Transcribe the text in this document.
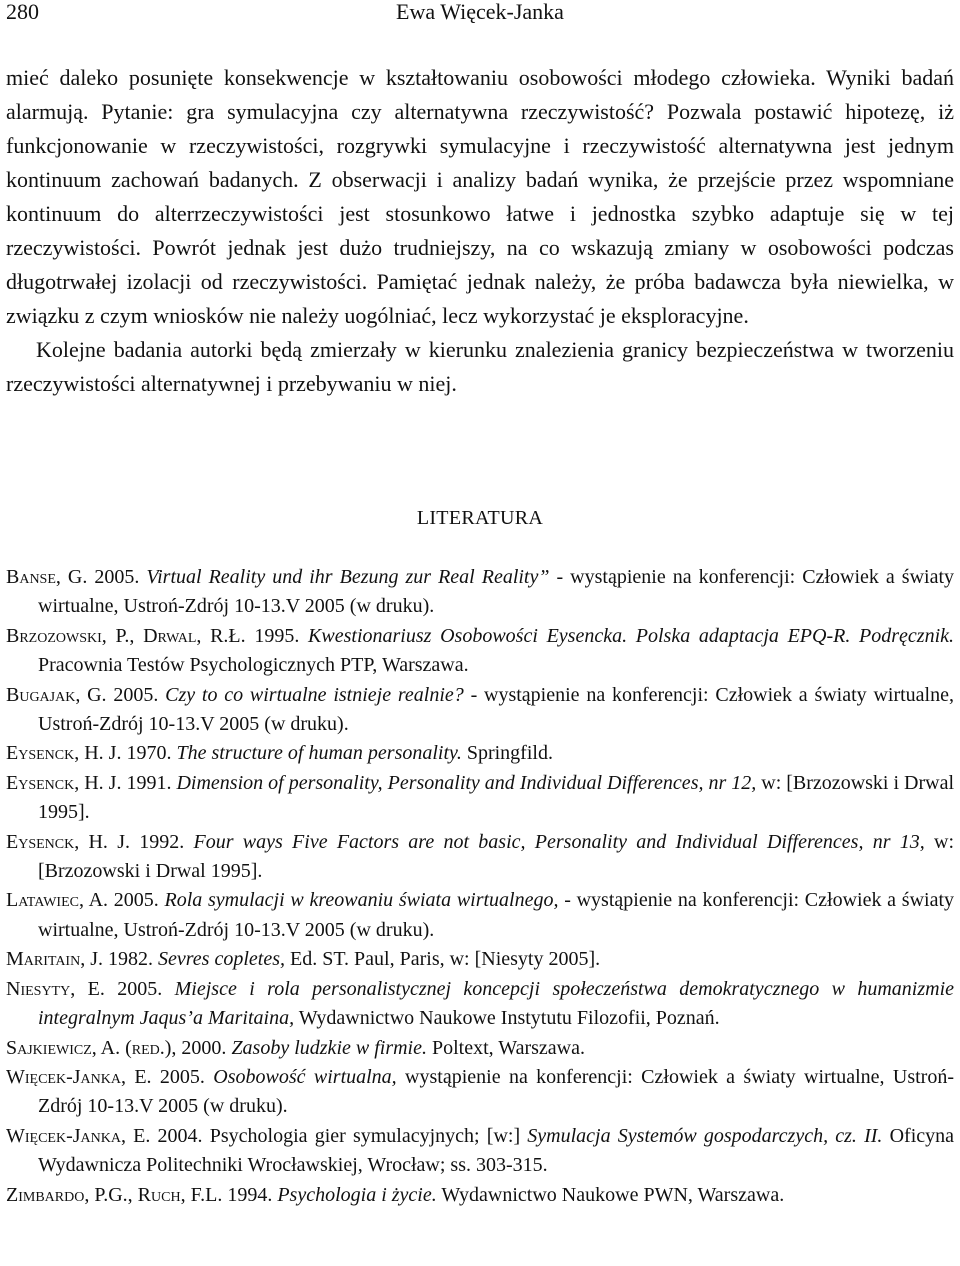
280	Ewa Więcek-Janka

mieć daleko posunięte konsekwencje w kształtowaniu osobowości młodego człowieka. Wyniki badań alarmują. Pytanie: gra symulacyjna czy alternatywna rzeczywistość? Pozwala postawić hipotezę, iż funkcjonowanie w rzeczywistości, rozgrywki symulacyjne i rzeczywistość alternatywna jest jednym kontinuum zachowań badanych. Z obserwacji i analizy badań wynika, że przejście przez wspomniane kontinuum do alterrzeczywistości jest stosunkowo łatwe i jednostka szybko adaptuje się w tej rzeczywistości. Powrót jednak jest dużo trudniejszy, na co wskazują zmiany w osobowości podczas długotrwałej izolacji od rzeczywistości. Pamiętać jednak należy, że próba badawcza była niewielka, w związku z czym wniosków nie należy uogólniać, lecz wykorzystać je eksploracyjne.

Kolejne badania autorki będą zmierzały w kierunku znalezienia granicy bezpieczeństwa w tworzeniu rzeczywistości alternatywnej i przebywaniu w niej.

LITERATURA

Banse, G. 2005. Virtual Reality und ihr Bezung zur Real Reality” - wystąpienie na konferencji: Człowiek a światy wirtualne, Ustroń-Zdrój 10-13.V 2005 (w druku).

Brzozowski, P., Drwal, R.Ł. 1995. Kwestionariusz Osobowości Eysencka. Polska adaptacja EPQ-R. Podręcznik. Pracownia Testów Psychologicznych PTP, Warszawa.

Bugajak, G. 2005. Czy to co wirtualne istnieje realnie? - wystąpienie na konferencji: Człowiek a światy wirtualne, Ustroń-Zdrój 10-13.V 2005 (w druku).

Eysenck, H. J. 1970. The structure of human personality. Springfild.

Eysenck, H. J. 1991. Dimension of personality, Personality and Individual Differences, nr 12, w: [Brzozowski i Drwal 1995].

Eysenck, H. J. 1992. Four ways Five Factors are not basic, Personality and Individual Differences, nr 13, w: [Brzozowski i Drwal 1995].

Latawiec, A. 2005. Rola symulacji w kreowaniu świata wirtualnego, - wystąpienie na konferencji: Człowiek a światy wirtualne, Ustroń-Zdrój 10-13.V 2005 (w druku).

Maritain, J. 1982. Sevres copletes, Ed. ST. Paul, Paris, w: [Niesyty 2005].

Niesyty, E. 2005. Miejsce i rola personalistycznej koncepcji społeczeństwa demokratycznego w humanizmie integralnym Jaqus’a Maritaina, Wydawnictwo Naukowe Instytutu Filozofii, Poznań.

Sajkiewicz, A. (red.), 2000. Zasoby ludzkie w firmie. Poltext, Warszawa.

Więcek-Janka, E. 2005. Osobowość wirtualna, wystąpienie na konferencji: Człowiek a światy wirtualne, Ustroń-Zdrój 10-13.V 2005 (w druku).

Więcek-Janka, E. 2004. Psychologia gier symulacyjnych; [w:] Symulacja Systemów gospodarczych, cz. II. Oficyna Wydawnicza Politechniki Wrocławskiej, Wrocław; ss. 303-315.

Zimbardo, P.G., Ruch, F.L. 1994. Psychologia i życie. Wydawnictwo Naukowe PWN, Warszawa.
